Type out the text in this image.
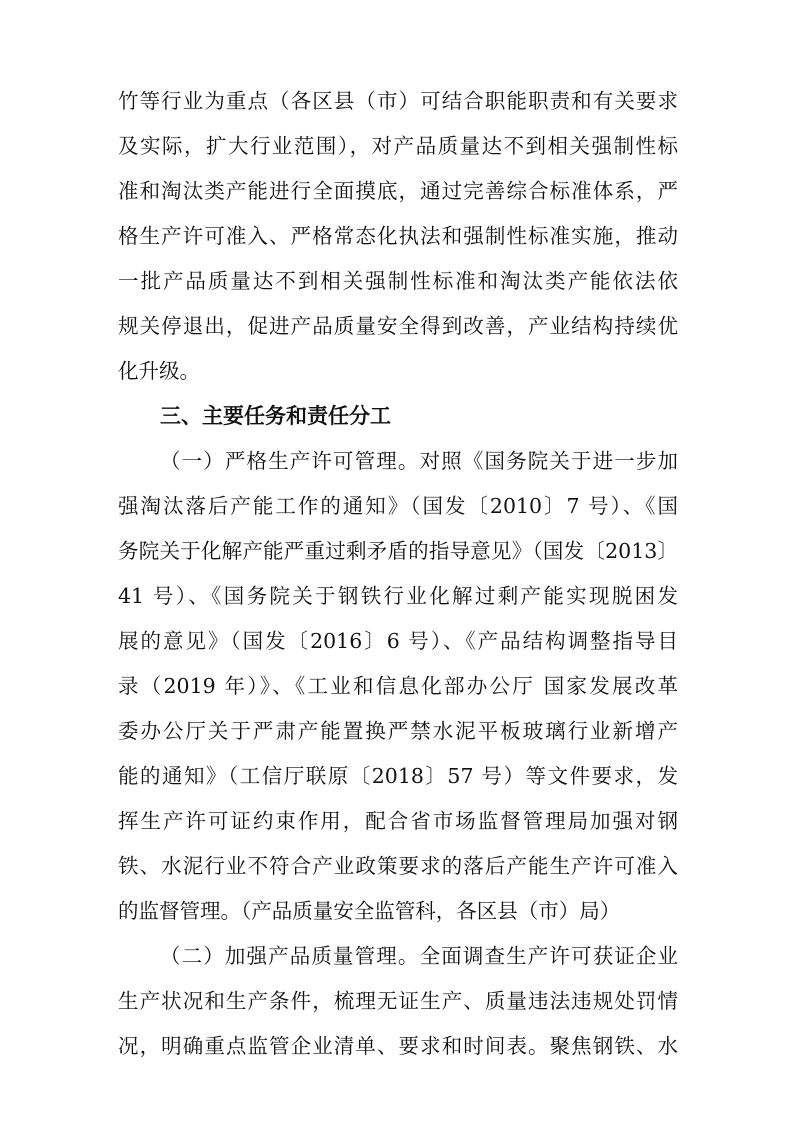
竹等行业为重点（各区县（市）可结合职能职责和有关要求
及实际，扩大行业范围），对产品质量达不到相关强制性标
准和淘汰类产能进行全面摸底，通过完善综合标准体系，严
格生产许可准入、严格常态化执法和强制性标准实施，推动
一批产品质量达不到相关强制性标准和淘汰类产能依法依
规关停退出，促进产品质量安全得到改善，产业结构持续优
化升级。
三、主要任务和责任分工
（一）严格生产许可管理。对照《国务院关于进一步加
强淘汰落后产能工作的通知》（国发〔2010〕7 号）、《国
务院关于化解产能严重过剩矛盾的指导意见》（国发〔2013〕
41 号）、《国务院关于钢铁行业化解过剩产能实现脱困发
展的意见》（国发〔2016〕6 号）、《产品结构调整指导目
录（2019 年）》、《工业和信息化部办公厅 国家发展改革
委办公厅关于严肃产能置换严禁水泥平板玻璃行业新增产
能的通知》（工信厅联原〔2018〕57 号）等文件要求，发
挥生产许可证约束作用，配合省市场监督管理局加强对钢
铁、水泥行业不符合产业政策要求的落后产能生产许可准入
的监督管理。（产品质量安全监管科，各区县（市）局）
（二）加强产品质量管理。全面调查生产许可获证企业
生产状况和生产条件，梳理无证生产、质量违法违规处罚情
况，明确重点监管企业清单、要求和时间表。聚焦钢铁、水
